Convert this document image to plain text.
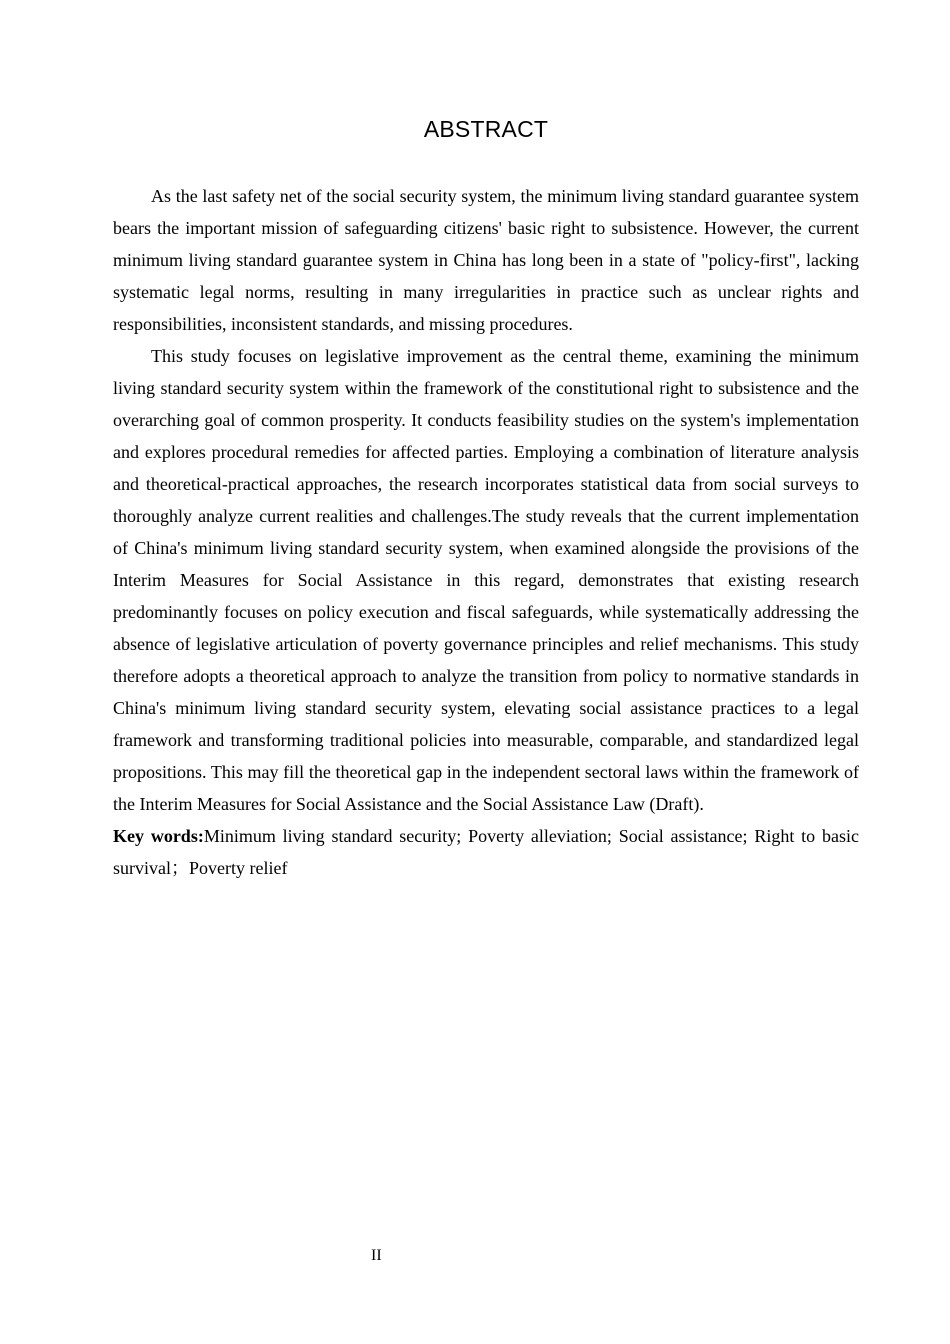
ABSTRACT

As the last safety net of the social security system, the minimum living standard guarantee system bears the important mission of safeguarding citizens' basic right to subsistence. However, the current minimum living standard guarantee system in China has long been in a state of "policy-first", lacking systematic legal norms, resulting in many irregularities in practice such as unclear rights and responsibilities, inconsistent standards, and missing procedures.

This study focuses on legislative improvement as the central theme, examining the minimum living standard security system within the framework of the constitutional right to subsistence and the overarching goal of common prosperity. It conducts feasibility studies on the system's implementation and explores procedural remedies for affected parties. Employing a combination of literature analysis and theoretical-practical approaches, the research incorporates statistical data from social surveys to thoroughly analyze current realities and challenges.The study reveals that the current implementation of China's minimum living standard security system, when examined alongside the provisions of the Interim Measures for Social Assistance in this regard, demonstrates that existing research predominantly focuses on policy execution and fiscal safeguards, while systematically addressing the absence of legislative articulation of poverty governance principles and relief mechanisms. This study therefore adopts a theoretical approach to analyze the transition from policy to normative standards in China's minimum living standard security system, elevating social assistance practices to a legal framework and transforming traditional policies into measurable, comparable, and standardized legal propositions. This may fill the theoretical gap in the independent sectoral laws within the framework of the Interim Measures for Social Assistance and the Social Assistance Law (Draft).

Key words:Minimum living standard security; Poverty alleviation; Social assistance; Right to basic survival；Poverty relief

II
